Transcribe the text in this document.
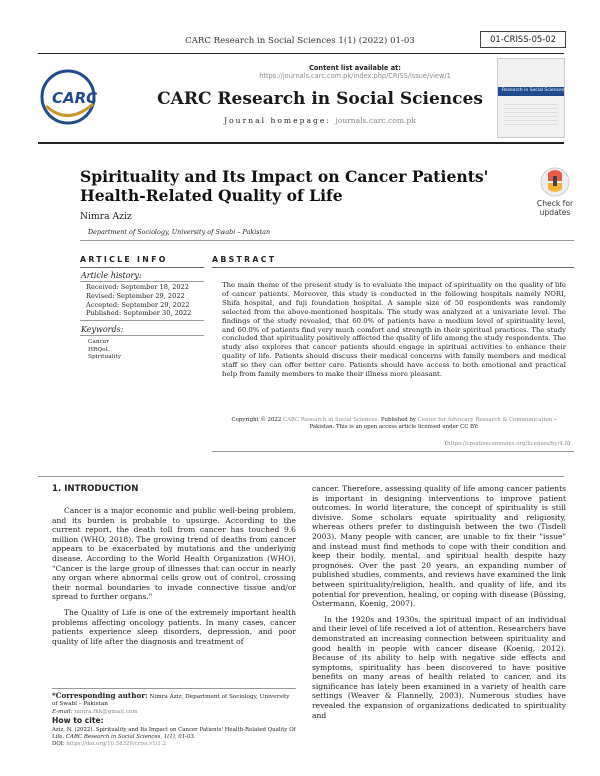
CARC Research in Social Sciences 1(1) (2022) 01-03	01-CRISS-05-02
CARC
Content list available at:
https://journals.carc.com.pk/index.php/CRISS/issue/view/1
CARC Research in Social Sciences
Journal homepage: journals.carc.com.pk
Research in Social Sciences
Spirituality and Its Impact on Cancer Patients' Health-Related Quality of Life
Nimra Aziz
Department of Sociology, University of Swabi – Pakistan
Check for updates
ARTICLE INFO	ABSTRACT
Article history:
Received: September 18, 2022
Revised: September 29, 2022
Accepted: September 29, 2022
Published: September 30, 2022
Keywords:
Cancer
HRQoL
Spirituality
The main theme of the present study is to evaluate the impact of spirituality on the quality of life of cancer patients. Moreover, this study is conducted in the following hospitals namely NORI, Shifa hospital, and fuji foundation hospital. A sample size of 50 respondents was randomly selected from the above-mentioned hospitals. The study was analyzed at a univariate level. The findings of the study revealed, that 60.0% of patients have a medium level of spirituality level, and 60.0% of patients find very much comfort and strength in their spiritual practices. The study concluded that spirituality positively affected the quality of life among the study respondents. The study also explores that cancer patients should engage in spiritual activities to enhance their quality of life. Patients should discuss their medical concerns with family members and medical staff so they can offer better care. Patients should have access to both emotional and practical help from family members to make their illness more pleasant.
Copyright © 2022 CARC Research in Social Sciences. Published by Center for Advocacy Research & Communication – Pakistan. This is an open access article licensed under CC BY:
(https://creativecommons.org/licenses/by/4.0)
1. INTRODUCTION

Cancer is a major economic and public well-being problem, and its burden is probable to upsurge. According to the current report, the death toll from cancer has touched 9.6 million (WHO, 2018). The growing trend of deaths from cancer appears to be exacerbated by mutations and the underlying disease. According to the World Health Organization (WHO), "Cancer is the large group of illnesses that can occur in nearly any organ where abnormal cells grow out of control, crossing their normal boundaries to invade connective tissue and/or spread to further organs."

The Quality of Life is one of the extremely important health problems affecting oncology patients. In many cases, cancer patients experience sleep disorders, depression, and poor quality of life after the diagnosis and treatment of

*Corresponding author: Nimra Aziz, Department of Sociology, University of Swabi – Pakistan
E-mail: nimra.fkk@gmail.com
How to cite:
Aziz, N. (2022). Spirituality and Its Impact on Cancer Patients' Health-Related Quality Of Life. CARC Research in Social Sciences, 1(1), 01-03.
DOI: https://doi.org/10.58329/criss.v1i1.2

cancer. Therefore, assessing quality of life among cancer patients is important in designing interventions to improve patient outcomes. In world literature, the concept of spirituality is still divisive. Some scholars equate spirituality and religiosity, whereas others prefer to distinguish between the two (Tisdell 2003). Many people with cancer, are unable to fix their "issue" and instead must find methods to cope with their condition and keep their bodily, mental, and spiritual health despite hazy prognoses. Over the past 20 years, an expanding number of published studies, comments, and reviews have examined the link between spirituality/religion, health, and quality of life, and its potential for prevention, healing, or coping with disease (Büssing, Ostermann, Koenig, 2007).

In the 1920s and 1930s, the spiritual impact of an individual and their level of life received a lot of attention. Researchers have demonstrated an increasing connection between spirituality and good health in people with cancer disease (Koenig, 2012). Because of its ability to help with negative side effects and symptoms, spirituality has been discovered to have positive benefits on many areas of health related to cancer, and its significance has lately been examined in a variety of health care settings (Weaver & Flannelly, 2003). Numerous studies have revealed the expansion of organizations dedicated to spirituality and
